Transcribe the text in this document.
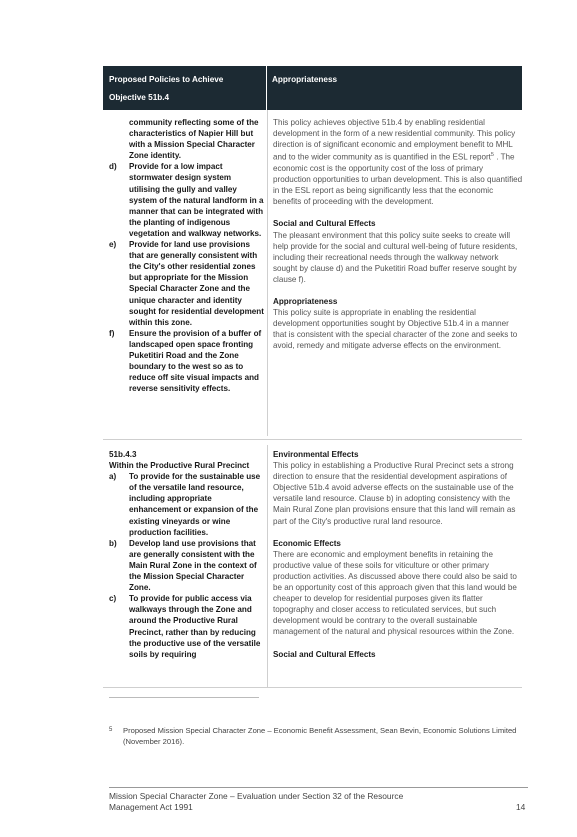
Proposed Policies to Achieve Objective 51b.4
Appropriateness
community reflecting some of the characteristics of Napier Hill but with a Mission Special Character Zone identity.
d) Provide for a low impact stormwater design system utilising the gully and valley system of the natural landform in a manner that can be integrated with the planting of indigenous vegetation and walkway networks.
e) Provide for land use provisions that are generally consistent with the City's other residential zones but appropriate for the Mission Special Character Zone and the unique character and identity sought for residential development within this zone.
f) Ensure the provision of a buffer of landscaped open space fronting Puketitiri Road and the Zone boundary to the west so as to reduce off site visual impacts and reverse sensitivity effects.

This policy achieves objective 51b.4 by enabling residential development in the form of a new residential community. This policy direction is of significant economic and employment benefit to MHL and to the wider community as is quantified in the ESL report$^5$ . The economic cost is the opportunity cost of the loss of primary production opportunities to urban development. This is also quantified in the ESL report as being significantly less that the economic benefits of proceeding with the development.

Social and Cultural Effects

The pleasant environment that this policy suite seeks to create will help provide for the social and cultural well-being of future residents, including their recreational needs through the walkway network sought by clause d) and the Puketitiri Road buffer reserve sought by clause f).

Appropriateness

This policy suite is appropriate in enabling the residential development opportunities sought by Objective 51b.4 in a manner that is consistent with the special character of the zone and seeks to avoid, remedy and mitigate adverse effects on the environment.

51b.4.3
Within the Productive Rural Precinct
a) To provide for the sustainable use of the versatile land resource, including appropriate enhancement or expansion of the existing vineyards or wine production facilities.
b) Develop land use provisions that are generally consistent with the Main Rural Zone in the context of the Mission Special Character Zone.
c) To provide for public access via walkways through the Zone and around the Productive Rural Precinct, rather than by reducing the productive use of the versatile soils by requiring
Environmental Effects

This policy in establishing a Productive Rural Precinct sets a strong direction to ensure that the residential development aspirations of Objective 51b.4 avoid adverse effects on the sustainable use of the versatile land resource. Clause b) in adopting consistency with the Main Rural Zone plan provisions ensure that this land will remain as part of the City's productive rural land resource.

Economic Effects

There are economic and employment benefits in retaining the productive value of these soils for viticulture or other primary production activities. As discussed above there could also be said to be an opportunity cost of this approach given that this land would be cheaper to develop for residential purposes given its flatter topography and closer access to reticulated services, but such development would be contrary to the overall sustainable management of the natural and physical resources within the Zone.

Social and Cultural Effects
5	Proposed Mission Special Character Zone – Economic Benefit Assessment, Sean Bevin, Economic Solutions Limited (November 2016).
Mission Special Character Zone – Evaluation under Section 32 of the Resource Management Act 1991	14
